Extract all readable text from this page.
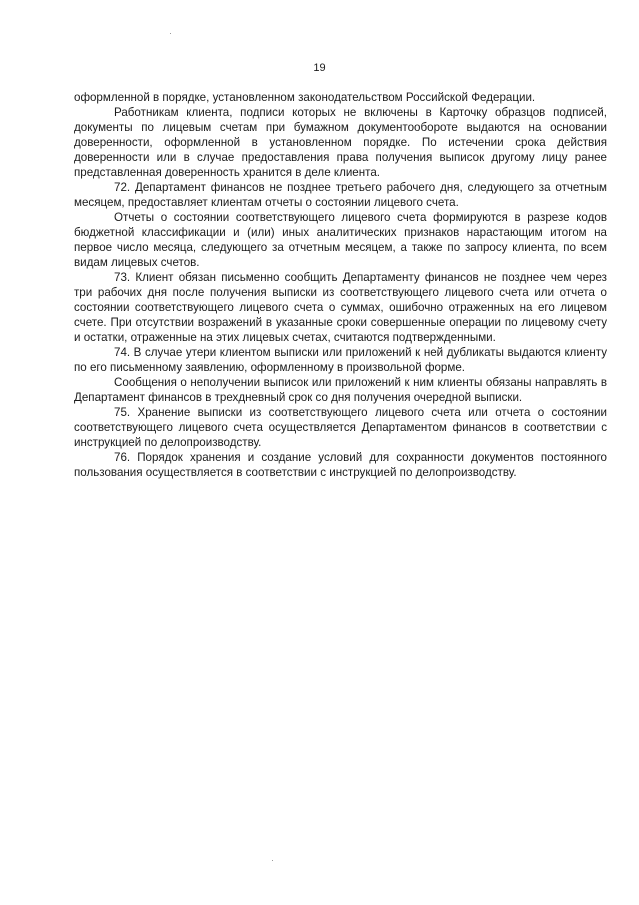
19

оформленной в порядке, установленном законодательством Российской Федерации.

Работникам клиента, подписи которых не включены в Карточку образцов подписей, документы по лицевым счетам при бумажном документообороте выдаются на основании доверенности, оформленной в установленном порядке. По истечении срока действия доверенности или в случае предоставления права получения выписок другому лицу ранее представленная доверенность хранится в деле клиента.

72. Департамент финансов не позднее третьего рабочего дня, следующего за отчетным месяцем, предоставляет клиентам отчеты о состоянии лицевого счета.

Отчеты о состоянии соответствующего лицевого счета формируются в разрезе кодов бюджетной классификации и (или) иных аналитических признаков нарастающим итогом на первое число месяца, следующего за отчетным месяцем, а также по запросу клиента, по всем видам лицевых счетов.

73. Клиент обязан письменно сообщить Департаменту финансов не позднее чем через три рабочих дня после получения выписки из соответствующего лицевого счета или отчета о состоянии соответствующего лицевого счета о суммах, ошибочно отраженных на его лицевом счете. При отсутствии возражений в указанные сроки совершенные операции по лицевому счету и остатки, отраженные на этих лицевых счетах, считаются подтвержденными.

74. В случае утери клиентом выписки или приложений к ней дубликаты выдаются клиенту по его письменному заявлению, оформленному в произвольной форме.

Сообщения о неполучении выписок или приложений к ним клиенты обязаны направлять в Департамент финансов в трехдневный срок со дня получения очередной выписки.

75. Хранение выписки из соответствующего лицевого счета или отчета о состоянии соответствующего лицевого счета осуществляется Департаментом финансов в соответствии с инструкцией по делопроизводству.

76. Порядок хранения и создание условий для сохранности документов постоянного пользования осуществляется в соответствии с инструкцией по делопроизводству.
